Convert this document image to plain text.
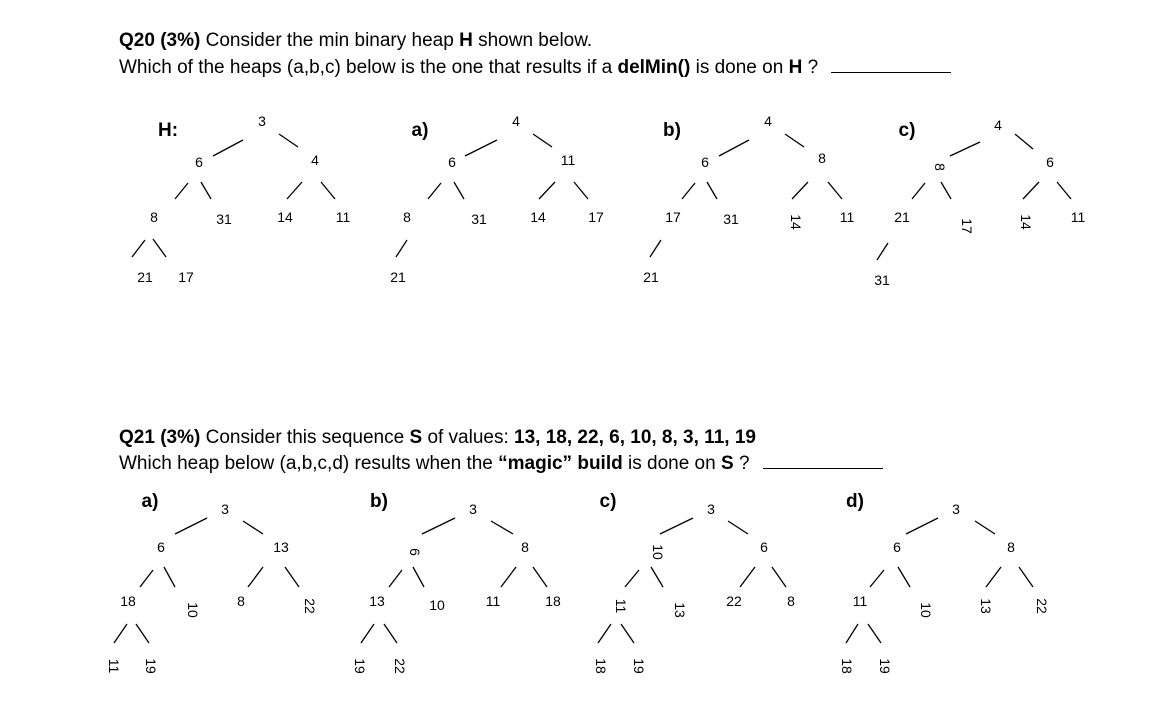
Q20 (3%) Consider the min binary heap H shown below.
Which of the heaps (a,b,c) below is the one that results if a delMin() is done on H ?
Q21 (3%) Consider this sequence S of values: 13, 18, 22, 6, 10, 8, 3, 11, 19
Which heap below (a,b,c,d) results when the “magic” build is done on S ?
H:	3
6	4
8	31	14	11
21 17
a)	4
6	11
8	31	14	17
21
b)	4
6	8
17	31	14	11
21
c)	4
8	6
21
17	14	11
31
a)	3
6	13
18
10
8	22
11 19
b)	3
6	8
13	10	11	18
19 22
c)	3
10	6
11	13
22	8
18 19
d)	3
6	8
11
10	13	22
18 19
